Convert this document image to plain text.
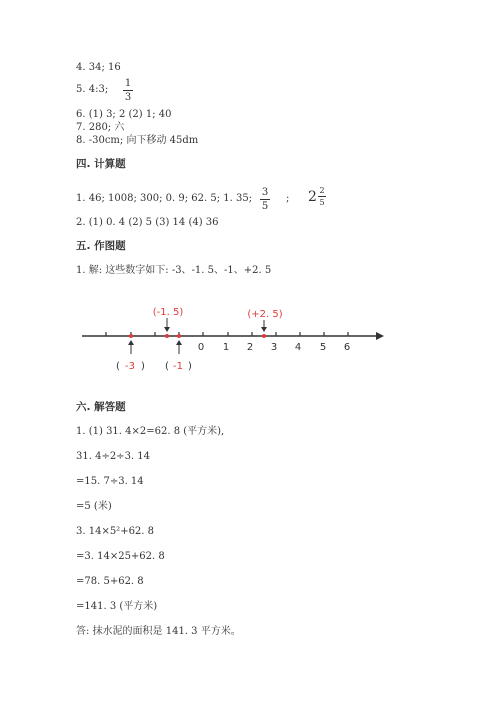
4. 34; 16
5. 4:3;
1
3
6. (1) 3; 2 (2) 1; 40
7. 280; 六
8. -30cm; 向下移动 45dm
四. 计算题
1. 46; 1008; 300; 0. 9; 62. 5; 1. 35;
3
5
; 2 2
5
2. (1) 0. 4 (2) 5 (3) 14 (4) 36
五. 作图题
1. 解: 这些数字如下: -3、-1. 5、-1、+2. 5
0 1 2 3 4 5 6
(-1. 5)	(+2. 5)
( -3 ) ( -1 )
六. 解答题
1. (1) 31. 4×2=62. 8 (平方米),
31. 4÷2÷3. 14
=15. 7÷3. 14
=5 (米)
3. 14×5²+62. 8
=3. 14×25+62. 8
=78. 5+62. 8
=141. 3 (平方米)
答: 抹水泥的面积是 141. 3 平方米。
